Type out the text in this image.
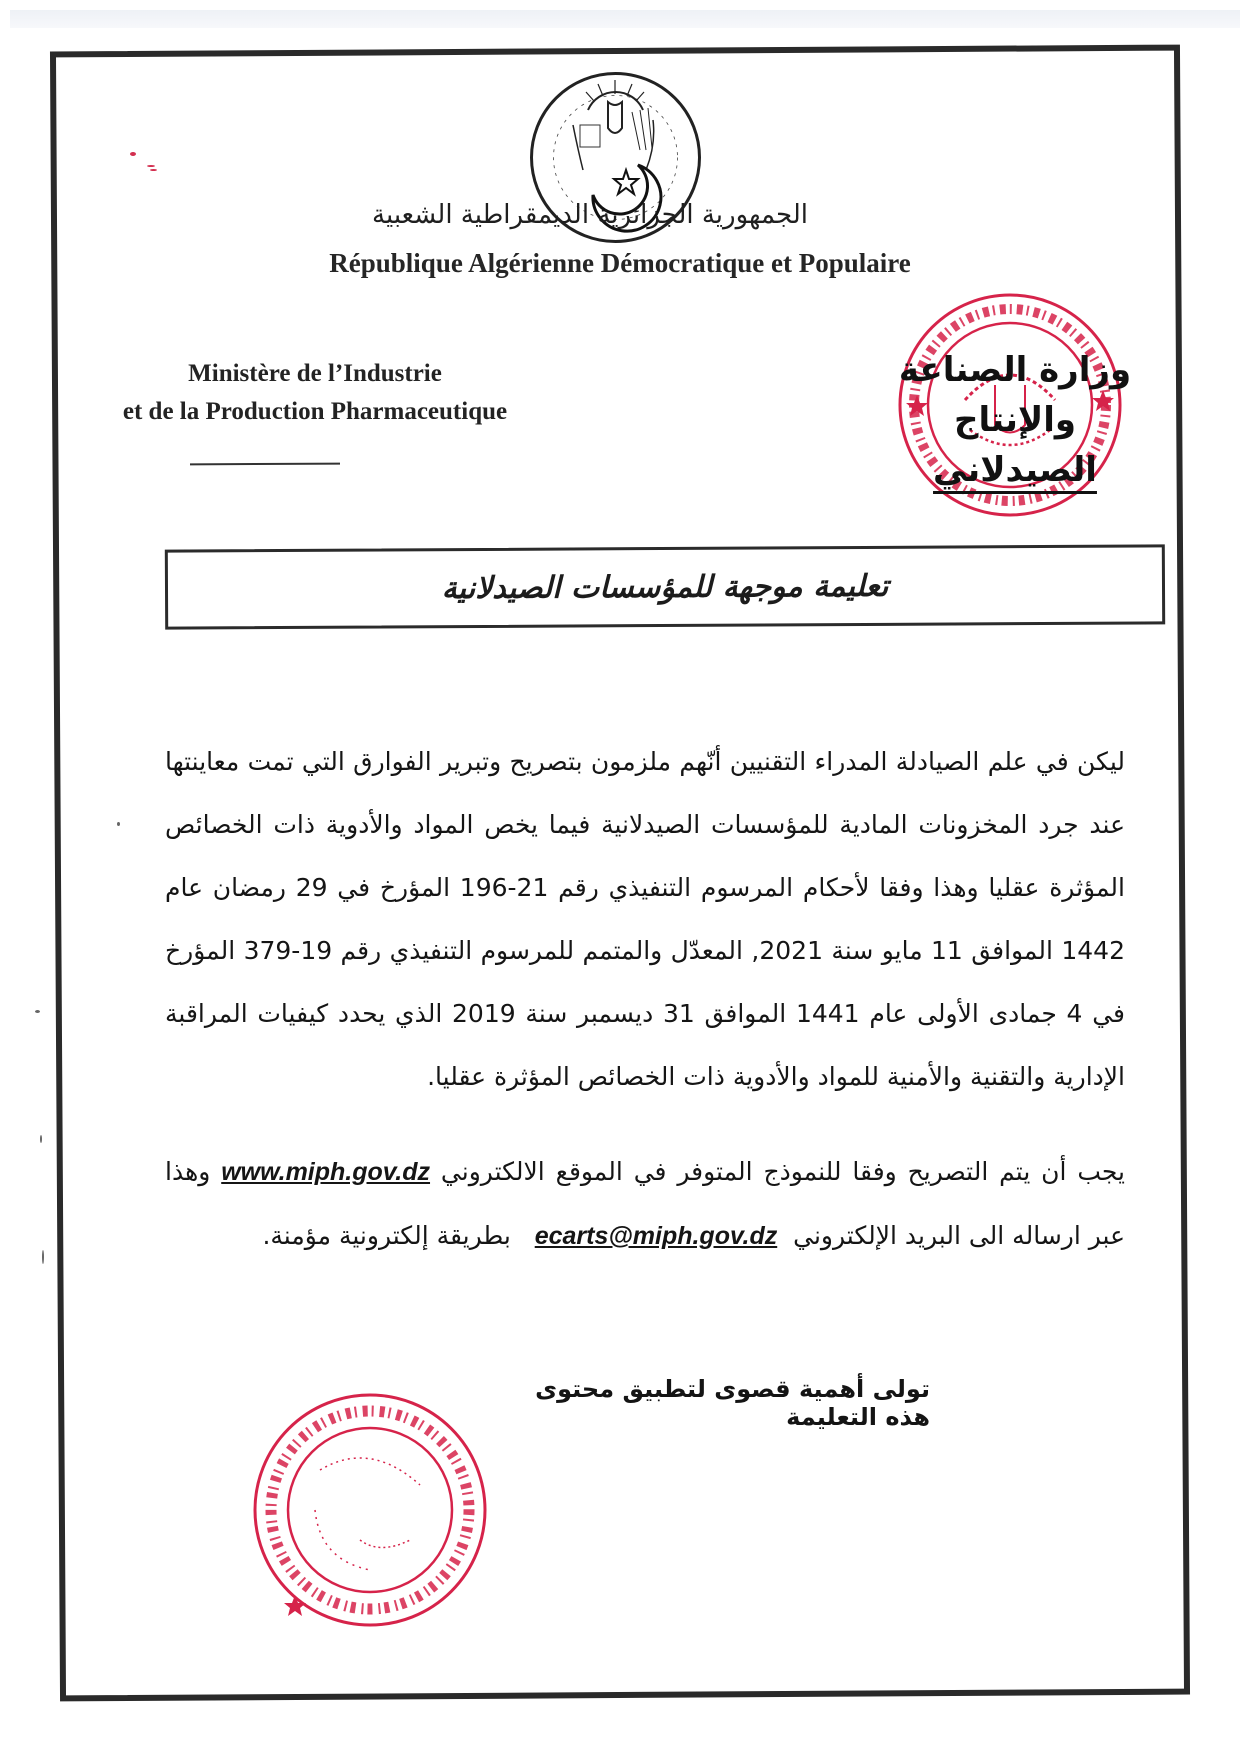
الجمهورية الجزائرية الديمقراطية الشعبية
République Algérienne Démocratique et Populaire
Ministère de l’Industrie
et de la Production Pharmaceutique
وزارة الصناعة والإنتاج
الصيدلاني
تعليمة موجهة للمؤسسات الصيدلانية
ليكن في علم الصيادلة المدراء التقنيين أنّهم ملزمون بتصريح وتبرير الفوارق التي تمت معاينتها عند جرد المخزونات المادية للمؤسسات الصيدلانية فيما يخص المواد والأدوية ذات الخصائص المؤثرة عقليا وهذا وفقا لأحكام المرسوم التنفيذي رقم 21-196 المؤرخ في 29 رمضان عام 1442 الموافق 11 مايو سنة 2021, المعدّل والمتمم للمرسوم التنفيذي رقم 19-379 المؤرخ في 4 جمادى الأولى عام 1441 الموافق 31 ديسمبر سنة 2019 الذي يحدد كيفيات المراقبة الإدارية والتقنية والأمنية للمواد والأدوية ذات الخصائص المؤثرة عقليا.
يجب أن يتم التصريح وفقا للنموذج المتوفر في الموقع الالكتروني www.miph.gov.dz وهذا عبر ارساله الى البريد الإلكتروني  ecarts@miph.gov.dz   بطريقة إلكترونية مؤمنة.
تولى أهمية قصوى لتطبيق محتوى هذه التعليمة
